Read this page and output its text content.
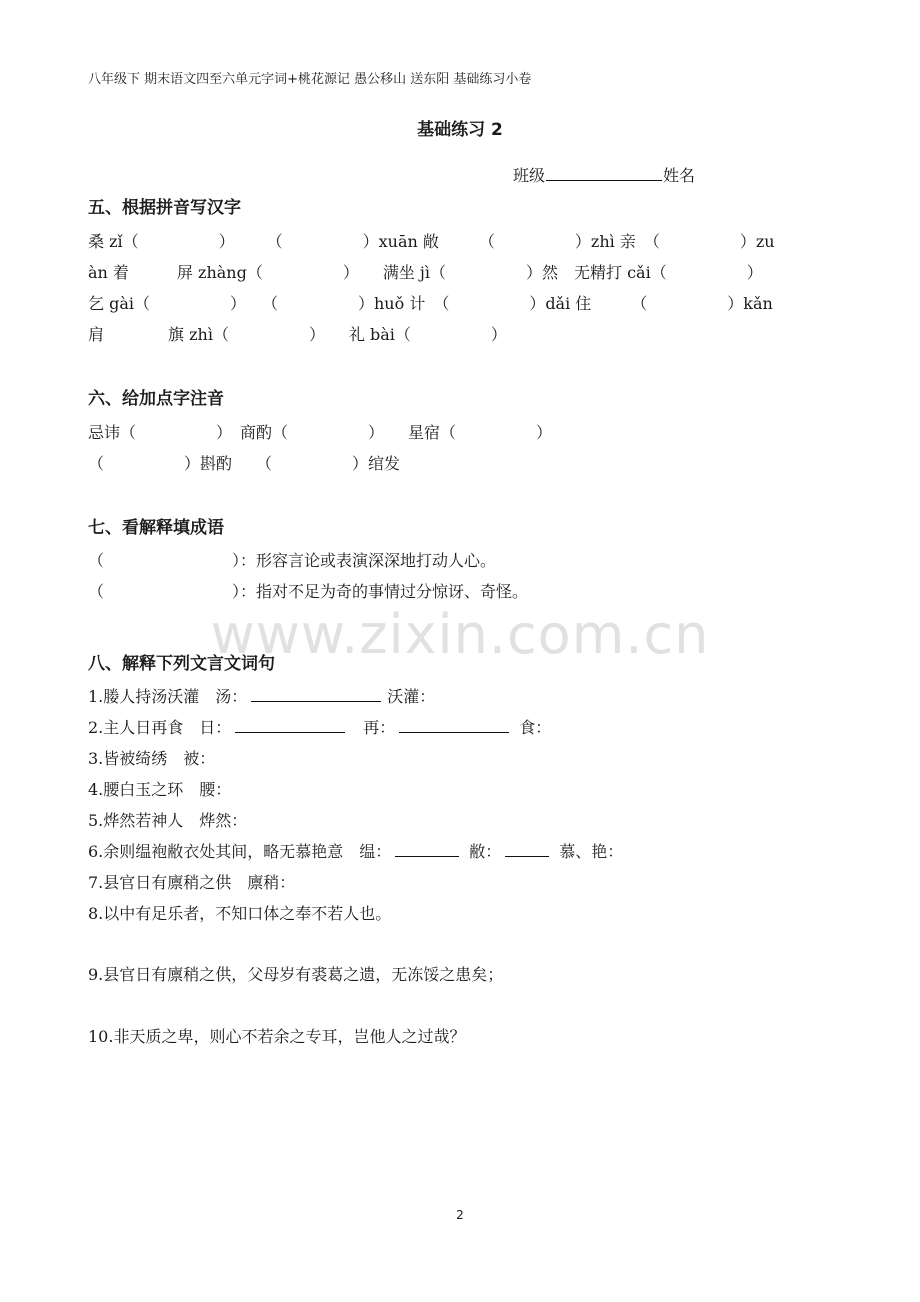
八年级下 期末语文四至六单元字词+桃花源记 愚公移山 送东阳 基础练习小卷
基础练习 2
班级	姓名
五、根据拼音写汉字
桑 zǐ（　　　　　）　　　（　　　　　）xuān 敞　　　（　　　　　）zhì 亲　（　　　　　）zu
àn 着　　　屏 zhàng（　　　　　）　　满坐 jì（　　　　　）然　无精打 cǎi（　　　　　）
乞 gài（　　　　　）　　（　　　　　）huǒ 计　（　　　　　）dǎi 住　　　（　　　　　）kǎn
肩　　　　旗 zhì（　　　　　）　　礼 bài（　　　　　）
六、给加点字注音
忌讳（　　　　　）　商酌（　　　　　）　　星宿（　　　　　）
（　　　　　）斟酌　　（　　　　　）绾发
七、看解释填成语
（　　　　　　　　）：形容言论或表演深深地打动人心。
（　　　　　　　　）：指对不足为奇的事情过分惊讶、奇怪。
www.zixin.com.cn
八、解释下列文言文词句
1.媵人持汤沃灌　汤：	沃灌：
2.主人日再食　日：	再：	食：
3.皆被绮绣　被：
4.腰白玉之环　腰：
5.烨然若神人　烨然：
6.余则缊袍敝衣处其间，略无慕艳意　缊：	敝：	慕、艳：
7.县官日有廪稍之供　廪稍：
8.以中有足乐者，不知口体之奉不若人也。
9.县官日有廪稍之供，父母岁有裘葛之遗，无冻馁之患矣；
10.非天质之卑，则心不若余之专耳，岂他人之过哉？
2
